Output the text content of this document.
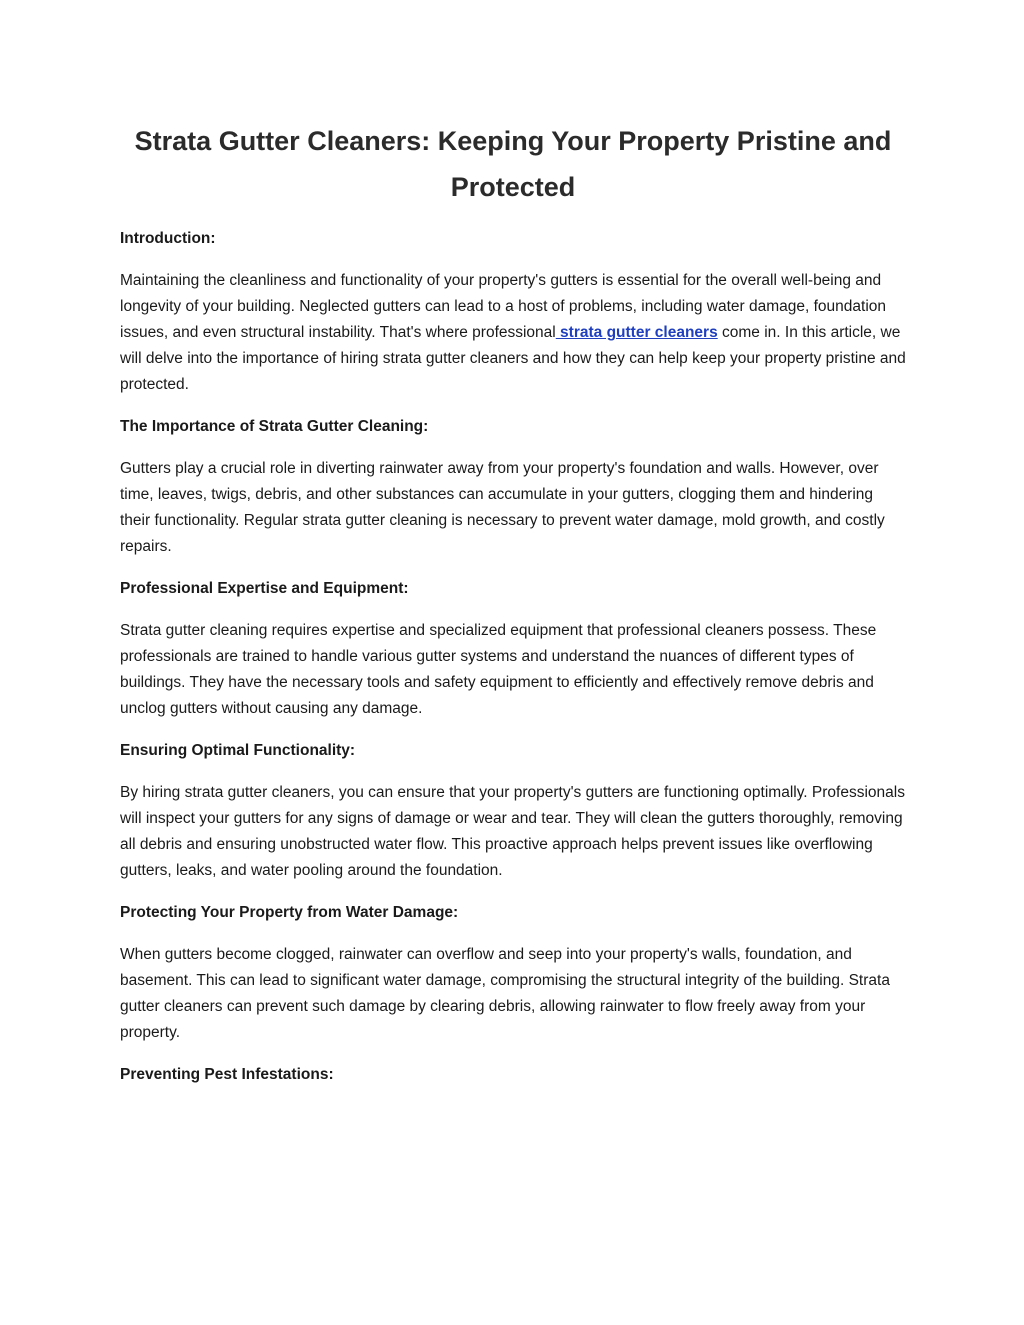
Strata Gutter Cleaners: Keeping Your Property Pristine and Protected
Introduction:

Maintaining the cleanliness and functionality of your property's gutters is essential for the overall well-being and longevity of your building. Neglected gutters can lead to a host of problems, including water damage, foundation issues, and even structural instability. That's where professional strata gutter cleaners come in. In this article, we will delve into the importance of hiring strata gutter cleaners and how they can help keep your property pristine and protected.

The Importance of Strata Gutter Cleaning:

Gutters play a crucial role in diverting rainwater away from your property's foundation and walls. However, over time, leaves, twigs, debris, and other substances can accumulate in your gutters, clogging them and hindering their functionality. Regular strata gutter cleaning is necessary to prevent water damage, mold growth, and costly repairs.

Professional Expertise and Equipment:

Strata gutter cleaning requires expertise and specialized equipment that professional cleaners possess. These professionals are trained to handle various gutter systems and understand the nuances of different types of buildings. They have the necessary tools and safety equipment to efficiently and effectively remove debris and unclog gutters without causing any damage.

Ensuring Optimal Functionality:

By hiring strata gutter cleaners, you can ensure that your property's gutters are functioning optimally. Professionals will inspect your gutters for any signs of damage or wear and tear. They will clean the gutters thoroughly, removing all debris and ensuring unobstructed water flow. This proactive approach helps prevent issues like overflowing gutters, leaks, and water pooling around the foundation.

Protecting Your Property from Water Damage:

When gutters become clogged, rainwater can overflow and seep into your property's walls, foundation, and basement. This can lead to significant water damage, compromising the structural integrity of the building. Strata gutter cleaners can prevent such damage by clearing debris, allowing rainwater to flow freely away from your property.

Preventing Pest Infestations:
